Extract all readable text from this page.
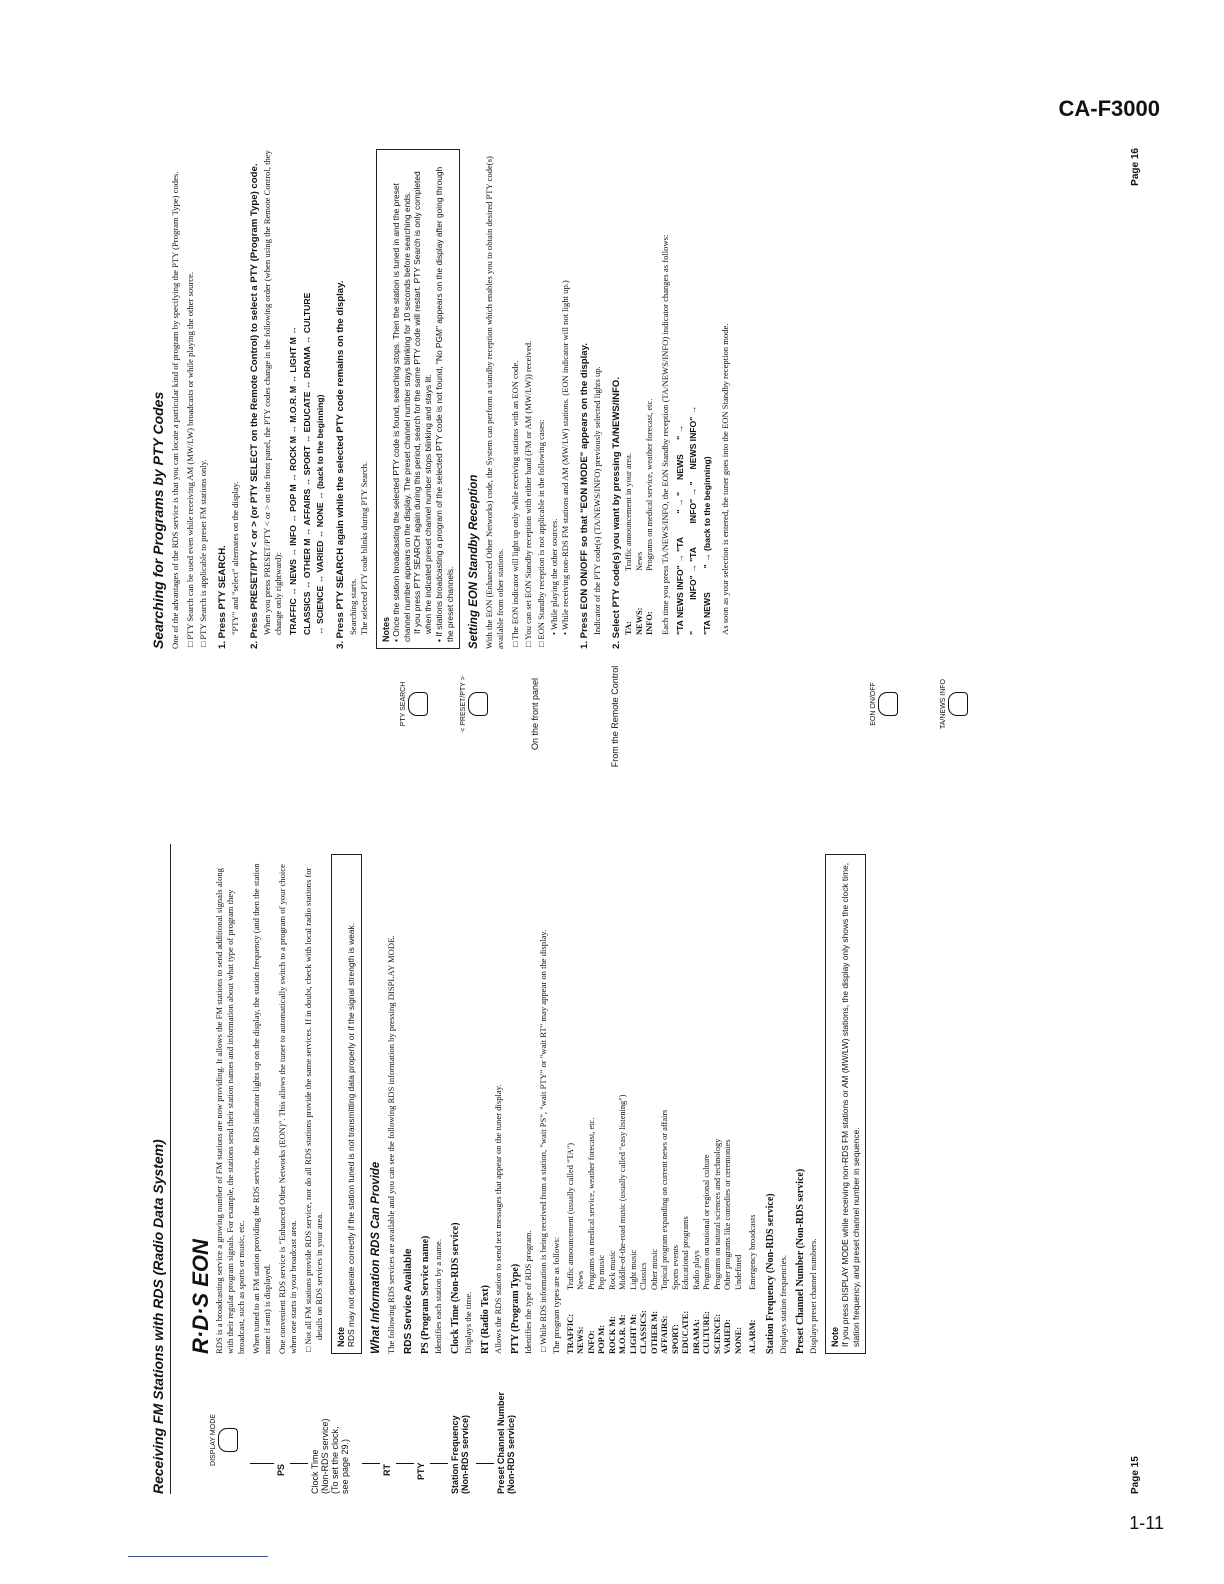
CA-F3000
1-11
Receiving FM Stations with RDS (Radio Data System)	DISPLAY MODE
PS	Clock Time (Non-RDS service) (To set the clock, see page 29.)	RT	PTY	Station Frequency (Non-RDS service)	Preset Channel Number (Non-RDS service)
R·D·S EON RDS is a broadcasting service a growing number of FM stations are now providing. It allows the FM stations to send additional signals along with their regular program signals. For example, the stations send their station names and information about what type of program they broadcast, such as sports or music, etc. When tuned to an FM station providing the RDS service, the RDS indicator lights up on the display, the station frequency (and then the station name if sent) is displayed. One convenient RDS service is "Enhanced Other Networks (EON)". This allows the tuner to automatically switch to a program of your choice when one starts in your broadcast area. □ Not all FM stations provide RDS service, nor do all RDS stations provide the same services. If in doubt, check with local radio stations for details on RDS services in your area. Note RDS may not operate correctly if the station tuned is not transmitting data properly or if the signal strength is weak. What Information RDS Can Provide The following RDS services are available and you can see the following RDS information by pressing DISPLAY MODE. RDS Service Available PS (Program Service name) Identifies each station by a name. Clock Time (Non-RDS service) Displays the time. RT (Radio Text) Allows the RDS station to send text messages that appear on the tuner display. PTY (Program Type) Identifies the type of RDS program. □ While RDS information is being received from a station, "wait PS", "wait PTY" or "wait RT" may appear on the display. The program types are as follows: TRAFFIC:	Traffic announcement (usually called "TA")
NEWS:	News
INFO:	Programs on medical service, weather forecast, etc.
POP M:	Pop music
ROCK M:	Rock music
M.O.R. M:	Middle-of-the-road music (usually called "easy listening")
LIGHT M:	Light music
CLASSICS:	Classics
OTHER M:	Other music
AFFAIRS:	Topical program expanding on current news or affairs
SPORT:	Sports events
EDUCATE:	Educational programs
DRAMA:	Radio plays
CULTURE:	Programs on national or regional culture
SCIENCE:	Programs on natural sciences and technology
VARIED:	Other programs like comedies or ceremonies
NONE:	Undefined
ALARM:	Emergency broadcasts Station Frequency (Non-RDS service) Displays station frequencies. Preset Channel Number (Non-RDS service) Displays preset channel numbers. Note If you press DISPLAY MODE while receiving non-RDS FM stations or AM (MW/LW) stations, the display only shows the clock time, station frequency, and preset channel number in sequence.
Page 15
PTY SEARCH	< PRESET/PTY >	On the front panel	From the Remote Control	EON ON/OFF	TA/NEWS INFO
Searching for Programs by PTY Codes One of the advantages of the RDS service is that you can locate a particular kind of program by specifying the PTY (Program Type) codes. □ PTY Search can be used even while receiving AM (MW/LW) broadcasts or while playing the other source. □ PTY Search is applicable to preset FM stations only. 1. Press PTY SEARCH. "PTY" and "select" alternates on the display. 2. Press PRESET/PTY < or > (or PTY SELECT on the Remote Control) to select a PTY (Program Type) code. When you press PRESET/PTY < or > on the front panel, the PTY codes change in the following order (when using the Remote Control, they change only rightward): TRAFFIC ↔ NEWS ↔ INFO ↔ POP M ↔ ROCK M ↔ M.O.R. M ↔ LIGHT M ↔ CLASSICS ↔ OTHER M ↔ AFFAIRS ↔ SPORT ↔ EDUCATE ↔ DRAMA ↔ CULTURE ↔ SCIENCE ↔ VARIED ↔ NONE ↔ (back to the beginning) 3. Press PTY SEARCH again while the selected PTY code remains on the display. Searching starts. The selected PTY code blinks during PTY Search. Notes • Once the station broadcasting the selected PTY code is found, searching stops. Then the station is tuned in and the preset channel number appears on the display. The preset channel number stays blinking for 10 seconds before searching ends. If you press PTY SEARCH again during this period, search for the same PTY code will restart. PTY Search is only completed when the indicated preset channel number stops blinking and stays lit. • If stations broadcasting a program of the selected PTY code is not found, "No PGM" appears on the display after going through the preset channels. Setting EON Standby Reception With the EON (Enhanced Other Networks) code, the System can perform a standby reception which enables you to obtain desired PTY code(s) available from other stations. □ The EON indicator will light up only while receiving stations with an EON code. □ You can set EON Standby reception with either band (FM or AM (MW/LW)) received. □ EON Standby reception is not applicable in the following cases: • While playing the other sources. • While receiving non-RDS FM stations and AM (MW/LW) stations. (EON indicator will not light up.) 1. Press EON ON/OFF so that "EON MODE" appears on the display. Indicator of the PTY code(s) (TA/NEWS/INFO) previously selected lights up. 2. Select PTY code(s) you want by pressing TA/NEWS/INFO. TA:	Traffic announcement in your area.
NEWS:	News
INFO:	Programs on medical service, weather forecast, etc. Each time you press TA/NEWS/INFO, the EON Standby reception (TA/NEWS/INFO) indicator changes as follows: "TA NEWS INFO" → "TA          " → "     NEWS      " → "             INFO" → "TA          INFO" → "     NEWS INFO" → "TA NEWS          " → (back to the beginning) As soon as your selection is entered, the tuner goes into the EON Standby reception mode.

Page 16
